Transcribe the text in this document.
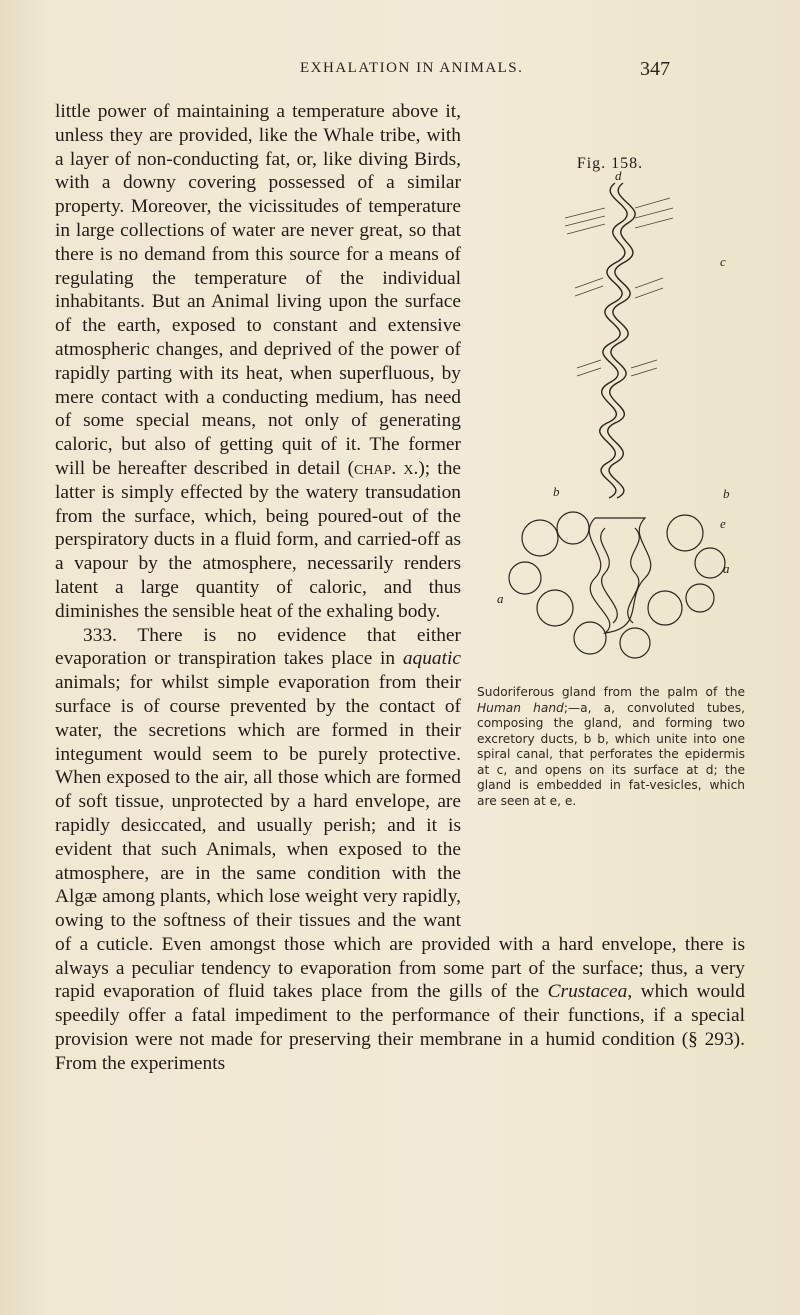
EXHALATION IN ANIMALS.	347
Fig. 158.
d
c
b
b
e
a
a
Sudoriferous gland from the palm of the Human hand;—a, a, convoluted tubes, composing the gland, and forming two excretory ducts, b b, which unite into one spiral canal, that perforates the epidermis at c, and opens on its surface at d; the gland is embedded in fat-vesicles, which are seen at e, e.

little power of maintaining a temperature above it, unless they are provided, like the Whale tribe, with a layer of non-conducting fat, or, like diving Birds, with a downy covering possessed of a similar property. Moreover, the vicissitudes of temperature in large collections of water are never great, so that there is no demand from this source for a means of regulating the temperature of the individual inhabitants. But an Animal living upon the surface of the earth, exposed to constant and extensive atmospheric changes, and deprived of the power of rapidly parting with its heat, when superfluous, by mere contact with a conducting medium, has need of some special means, not only of generating caloric, but also of getting quit of it. The former will be hereafter described in detail (chap. x.); the latter is simply effected by the watery transudation from the surface, which, being poured-out of the perspiratory ducts in a fluid form, and carried-off as a vapour by the atmosphere, necessarily renders latent a large quantity of caloric, and thus diminishes the sensible heat of the exhaling body.

333. There is no evidence that either evaporation or transpiration takes place in aquatic animals; for whilst simple evaporation from their surface is of course prevented by the contact of water, the secretions which are formed in their integument would seem to be purely protective. When exposed to the air, all those which are formed of soft tissue, unprotected by a hard envelope, are rapidly desiccated, and usually perish; and it is evident that such Animals, when exposed to the atmosphere, are in the same condition with the Algæ among plants, which lose weight very rapidly, owing to the softness of their tissues and the want of a cuticle. Even amongst those which are provided with a hard envelope, there is always a peculiar tendency to evaporation from some part of the surface; thus, a very rapid evaporation of fluid takes place from the gills of the Crustacea, which would speedily offer a fatal impediment to the performance of their functions, if a special provision were not made for preserving their membrane in a humid condition (§ 293). From the experiments
